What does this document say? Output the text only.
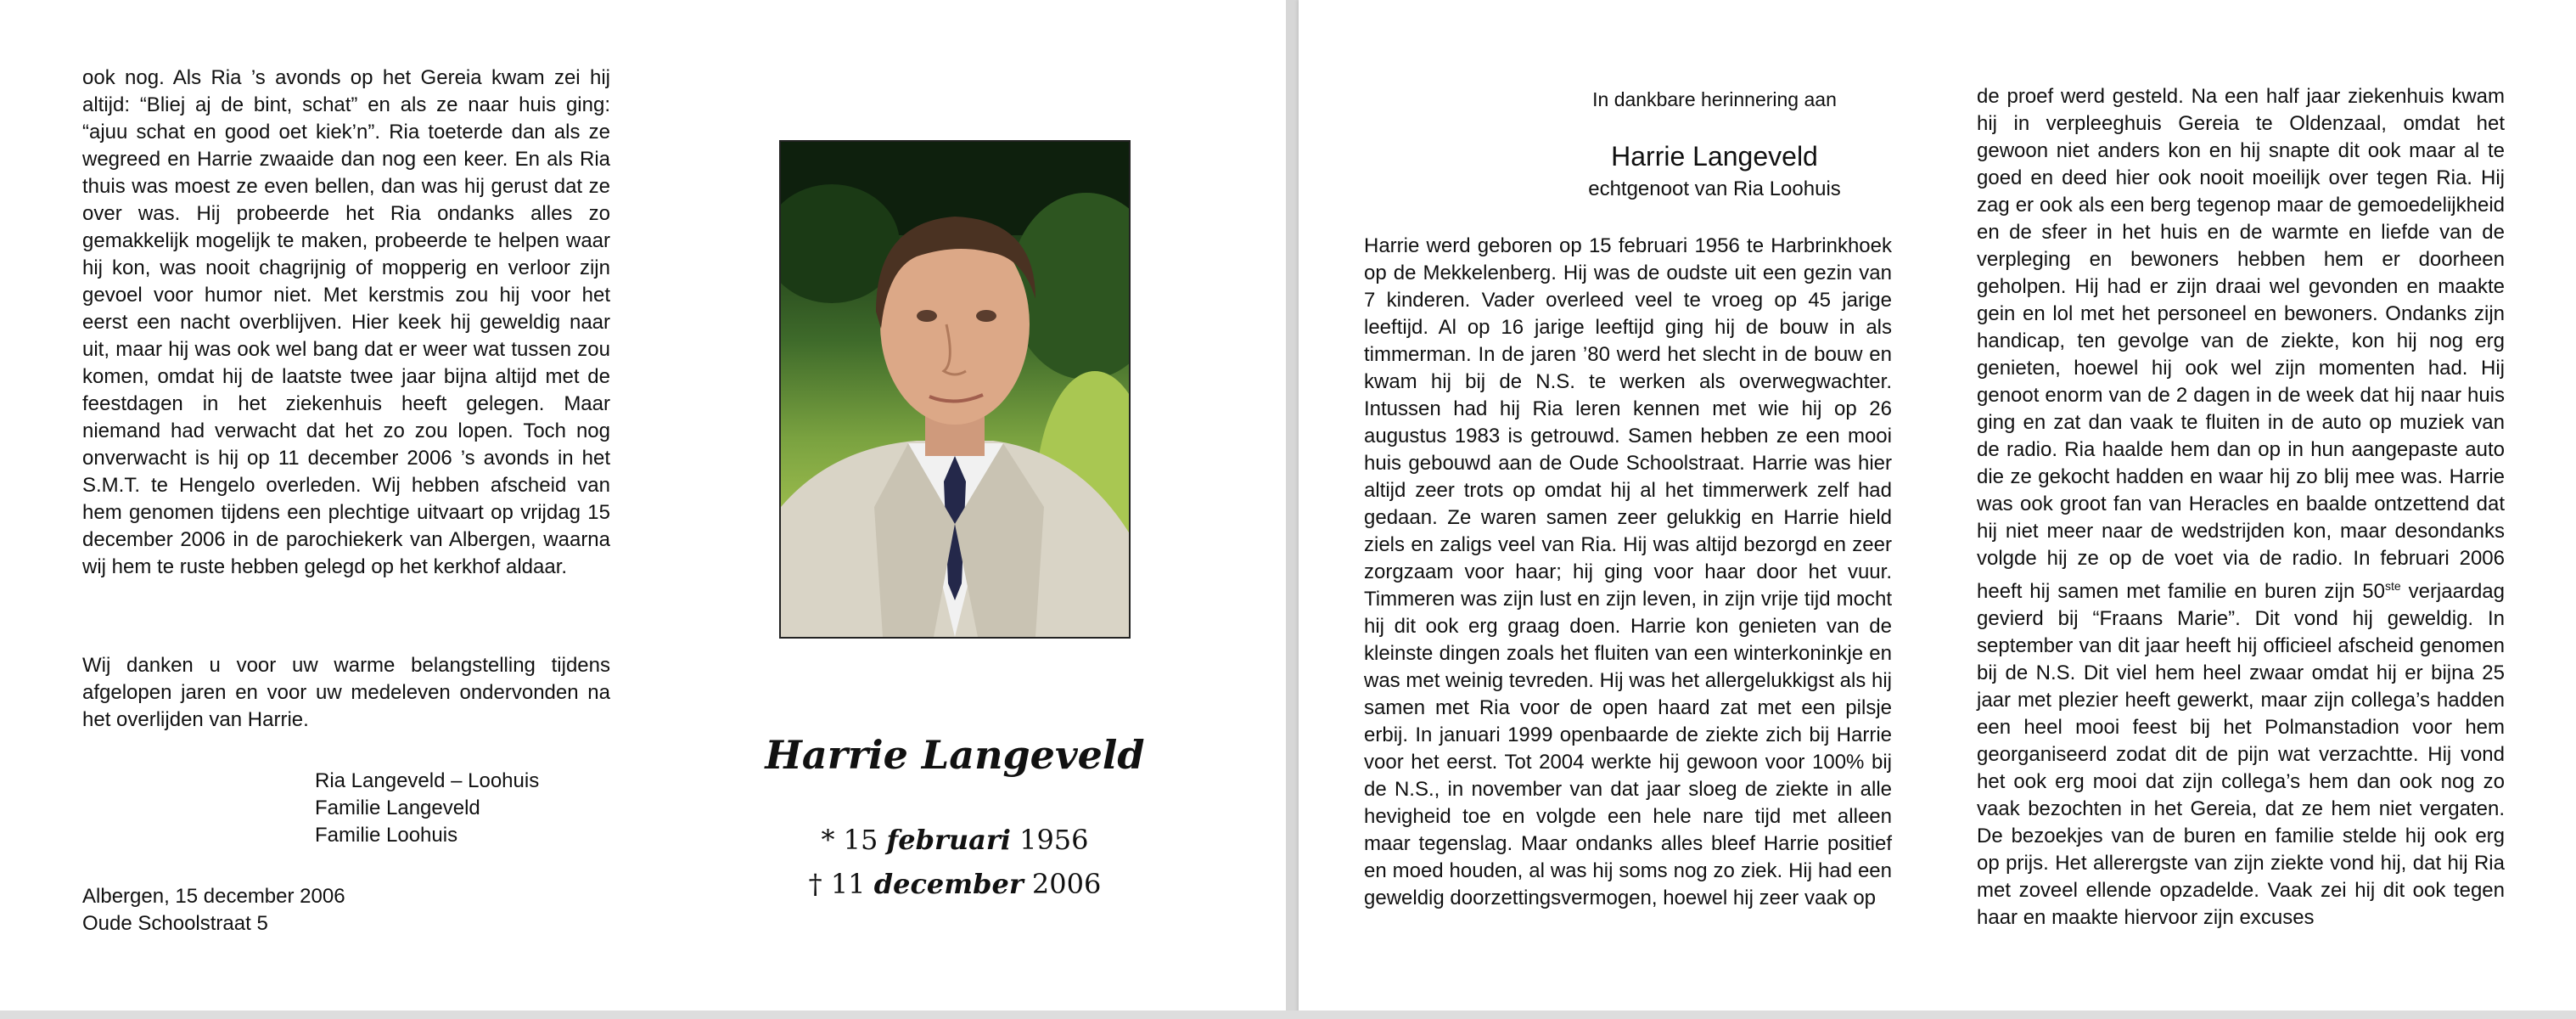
ook nog. Als Ria ’s avonds op het Gereia kwam zei hij altijd: “Bliej aj de bint, schat” en als ze naar huis ging: “ajuu schat en good oet kiek’n”. Ria toeterde dan als ze wegreed en Harrie zwaaide dan nog een keer. En als Ria thuis was moest ze even bellen, dan was hij gerust dat ze over was. Hij probeerde het Ria ondanks alles zo gemakkelijk mogelijk te maken, probeerde te helpen waar hij kon, was nooit chagrijnig of mopperig en verloor zijn gevoel voor humor niet. Met kerstmis zou hij voor het eerst een nacht overblijven. Hier keek hij geweldig naar uit, maar hij was ook wel bang dat er weer wat tussen zou komen, omdat hij de laatste twee jaar bijna altijd met de feestdagen in het ziekenhuis heeft gelegen. Maar niemand had verwacht dat het zo zou lopen. Toch nog onverwacht is hij op 11 december 2006 ’s avonds in het S.M.T. te Hengelo overleden. Wij hebben afscheid van hem genomen tijdens een plechtige uitvaart op vrijdag 15 december 2006 in de parochiekerk van Albergen, waarna wij hem te ruste hebben gelegd op het kerkhof aldaar.

Wij danken u voor uw warme belangstelling tijdens afgelopen jaren en voor uw medeleven ondervonden na het overlijden van Harrie.

Ria Langeveld – Loohuis
Familie Langeveld
Familie Loohuis
Albergen, 15 december 2006
Oude Schoolstraat 5
Harrie Langeveld
* 15 februari 1956
† 11 december 2006
In dankbare herinnering aan
Harrie Langeveld
echtgenoot van Ria Loohuis

Harrie werd geboren op 15 februari 1956 te Harbrinkhoek op de Mekkelenberg. Hij was de oudste uit een gezin van 7 kinderen. Vader overleed veel te vroeg op 45 jarige leeftijd. Al op 16 jarige leeftijd ging hij de bouw in als timmerman. In de jaren ’80 werd het slecht in de bouw en kwam hij bij de N.S. te werken als overwegwachter. Intussen had hij Ria leren kennen met wie hij op 26 augustus 1983 is getrouwd. Samen hebben ze een mooi huis gebouwd aan de Oude Schoolstraat. Harrie was hier altijd zeer trots op omdat hij al het timmerwerk zelf had gedaan. Ze waren samen zeer gelukkig en Harrie hield ziels en zaligs veel van Ria. Hij was altijd bezorgd en zeer zorgzaam voor haar; hij ging voor haar door het vuur. Timmeren was zijn lust en zijn leven, in zijn vrije tijd mocht hij dit ook erg graag doen. Harrie kon genieten van de kleinste dingen zoals het fluiten van een winterkoninkje en was met weinig tevreden. Hij was het allergelukkigst als hij samen met Ria voor de open haard zat met een pilsje erbij. In januari 1999 openbaarde de ziekte zich bij Harrie voor het eerst. Tot 2004 werkte hij gewoon voor 100% bij de N.S., in november van dat jaar sloeg de ziekte in alle hevigheid toe en volgde een hele nare tijd met alleen maar tegenslag. Maar ondanks alles bleef Harrie positief en moed houden, al was hij soms nog zo ziek. Hij had een geweldig doorzettingsvermogen, hoewel hij zeer vaak op

de proef werd gesteld. Na een half jaar ziekenhuis kwam hij in verpleeghuis Gereia te Oldenzaal, omdat het gewoon niet anders kon en hij snapte dit ook maar al te goed en deed hier ook nooit moeilijk over tegen Ria. Hij zag er ook als een berg tegenop maar de gemoedelijkheid en de sfeer in het huis en de warmte en liefde van de verpleging en bewoners hebben hem er doorheen geholpen. Hij had er zijn draai wel gevonden en maakte gein en lol met het personeel en bewoners. Ondanks zijn handicap, ten gevolge van de ziekte, kon hij nog erg genieten, hoewel hij ook wel zijn momenten had. Hij genoot enorm van de 2 dagen in de week dat hij naar huis ging en zat dan vaak te fluiten in de auto op muziek van de radio. Ria haalde hem dan op in hun aangepaste auto die ze gekocht hadden en waar hij zo blij mee was. Harrie was ook groot fan van Heracles en baalde ontzettend dat hij niet meer naar de wedstrijden kon, maar desondanks volgde hij ze op de voet via de radio. In februari 2006 heeft hij samen met familie en buren zijn 50ste verjaardag gevierd bij “Fraans Marie”. Dit vond hij geweldig. In september van dit jaar heeft hij officieel afscheid genomen bij de N.S. Dit viel hem heel zwaar omdat hij er bijna 25 jaar met plezier heeft gewerkt, maar zijn collega’s hadden een heel mooi feest bij het Polmanstadion voor hem georganiseerd zodat dit de pijn wat verzachtte. Hij vond het ook erg mooi dat zijn collega’s hem dan ook nog zo vaak bezochten in het Gereia, dat ze hem niet vergaten. De bezoekjes van de buren en familie stelde hij ook erg op prijs. Het allerergste van zijn ziekte vond hij, dat hij Ria met zoveel ellende opzadelde. Vaak zei hij dit ook tegen haar en maakte hiervoor zijn excuses
